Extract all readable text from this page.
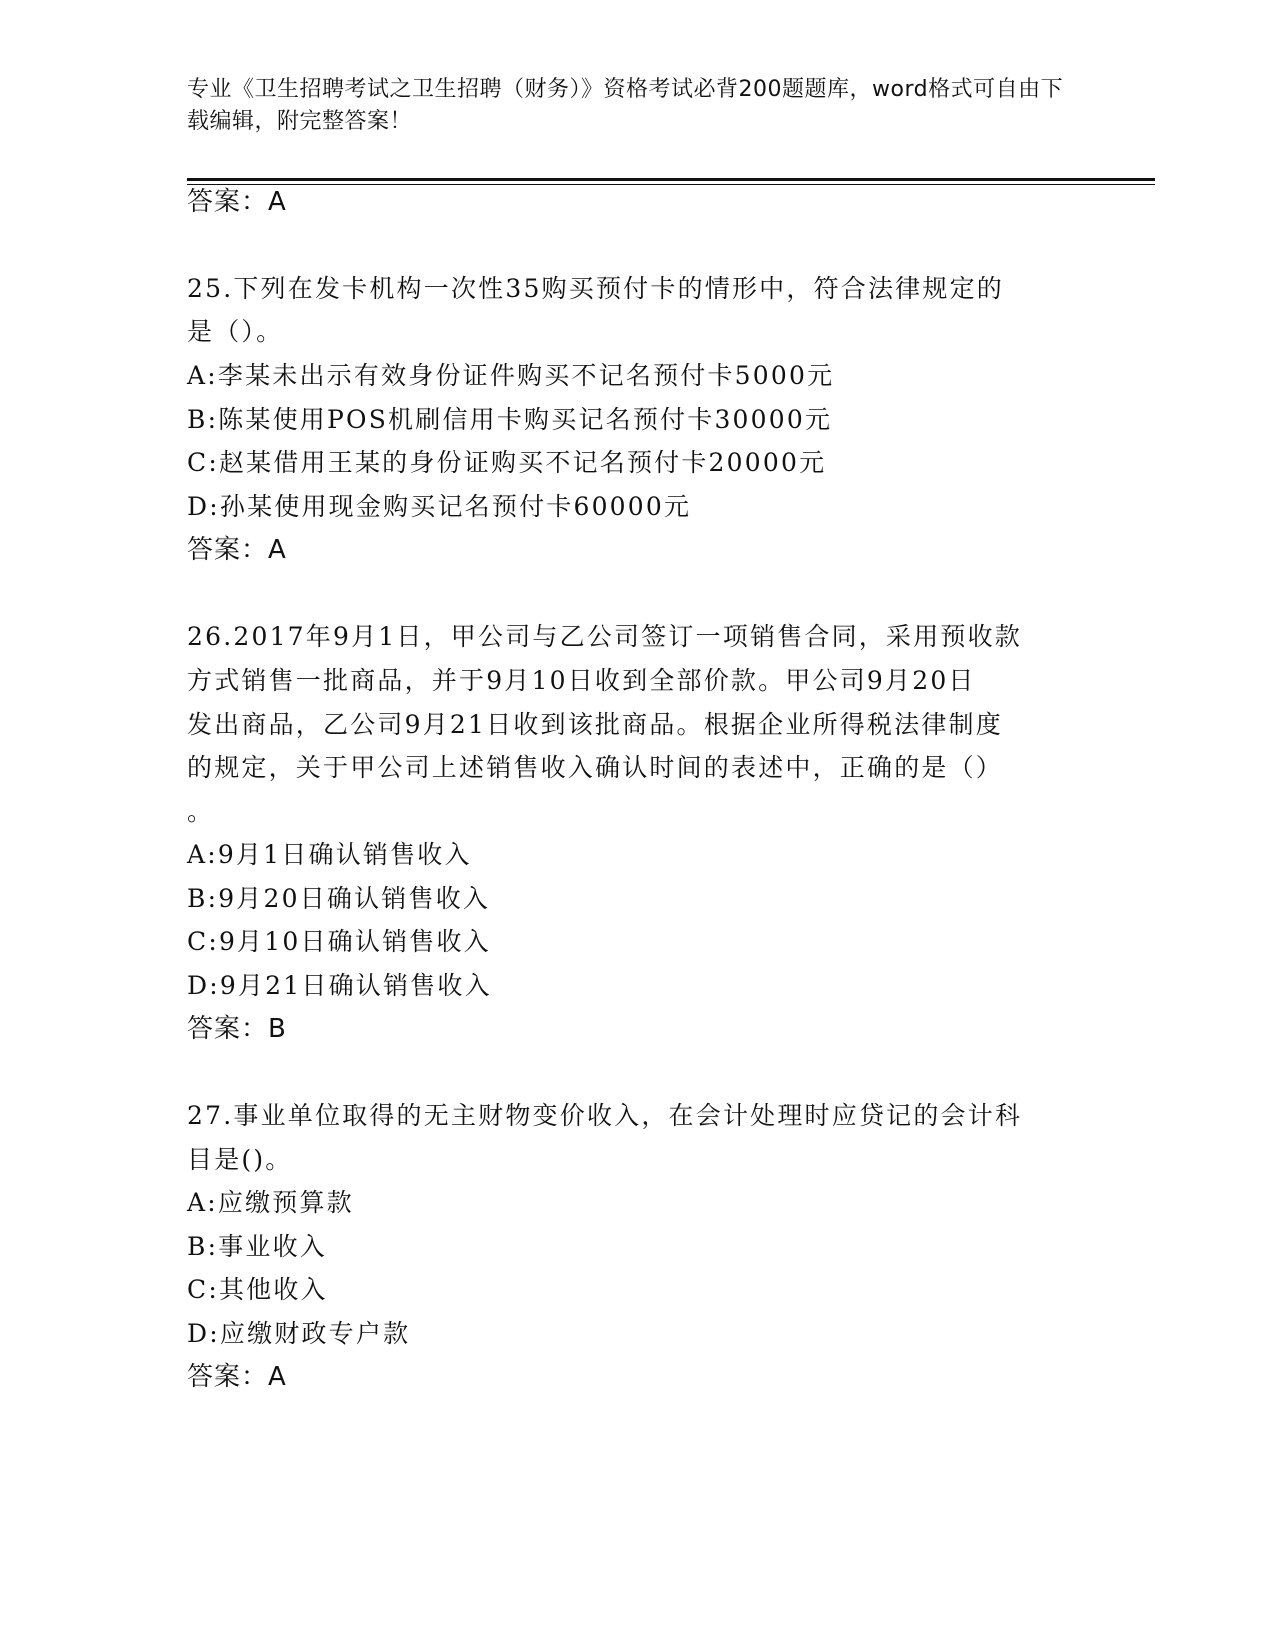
专业《卫生招聘考试之卫生招聘（财务）》资格考试必背200题题库，word格式可自由下载编辑，附完整答案！
答案：A
25.下列在发卡机构一次性35购买预付卡的情形中，符合法律规定的
是（）。
A:李某未出示有效身份证件购买不记名预付卡5000元
B:陈某使用POS机刷信用卡购买记名预付卡30000元
C:赵某借用王某的身份证购买不记名预付卡20000元
D:孙某使用现金购买记名预付卡60000元
答案：A
26.2017年9月1日，甲公司与乙公司签订一项销售合同，采用预收款
方式销售一批商品，并于9月10日收到全部价款。甲公司9月20日
发出商品，乙公司9月21日收到该批商品。根据企业所得税法律制度
的规定，关于甲公司上述销售收入确认时间的表述中，正确的是（）
。
A:9月1日确认销售收入
B:9月20日确认销售收入
C:9月10日确认销售收入
D:9月21日确认销售收入
答案：B
27.事业单位取得的无主财物变价收入，在会计处理时应贷记的会计科
目是()。
A:应缴预算款
B:事业收入
C:其他收入
D:应缴财政专户款
答案：A
